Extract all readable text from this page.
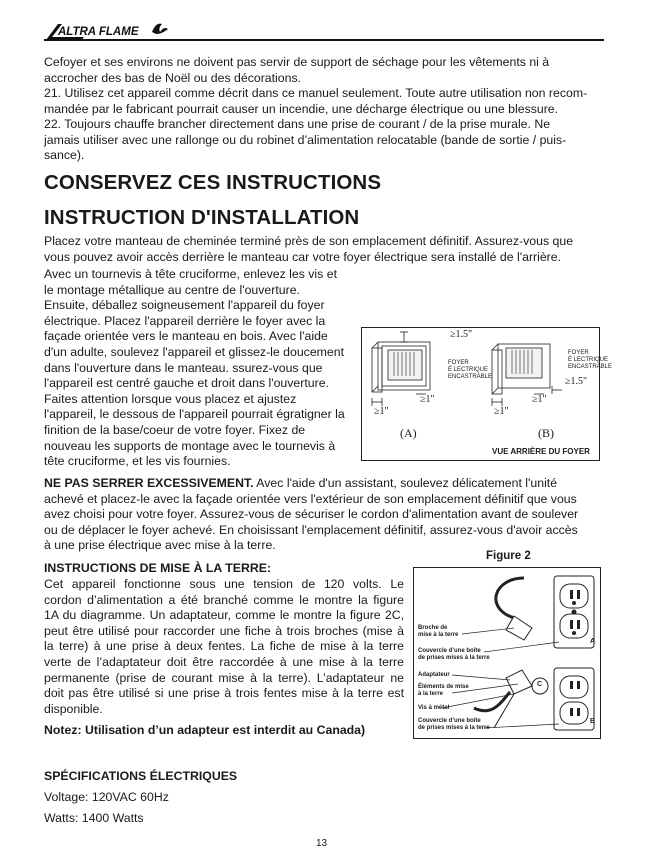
ALTRA FLAME
Cefoyer et ses environs ne doivent pas servir de support de séchage pour les vêtements ni à
accrocher des bas de Noël ou des décorations.
21. Utilisez cet appareil comme décrit dans ce manuel seulement. Toute autre utilisation non recom-
mandée par le fabricant pourrait causer un incendie, une décharge électrique ou une blessure.
22. Toujours chauffe brancher directement dans une prise de courant / de la prise murale. Ne
jamais utiliser avec une rallonge ou du robinet d’alimentation relocatable (bande de sortie / puis-
sance).
CONSERVEZ CES INSTRUCTIONS
INSTRUCTION D'INSTALLATION
Placez votre manteau de cheminée terminé près de son emplacement définitif. Assurez-vous que
vous pouvez avoir accès derrière le manteau car votre foyer électrique sera installé de l'arrière.
Avec un tournevis à tête cruciforme, enlevez les vis et
le montage métallique au centre de l'ouverture.
Ensuite, déballez soigneusement l'appareil du foyer
électrique. Placez l'appareil derrière le foyer avec la
façade orientée vers le manteau en bois. Avec l'aide
d'un adulte, soulevez l'appareil et glissez-le doucement
dans l'ouverture dans le manteau. ssurez-vous que
l'appareil est centré gauche et droit dans l'ouverture.
Faites attention lorsque vous placez et ajustez
l'appareil, le dessous de l'appareil pourrait égratigner la
finition de la base/coeur de votre foyer. Fixez de
nouveau les supports de montage avec le tournevis à
tête cruciforme, et les vis fournies.
≥1.5"
FOYER
É LECTRIQUE
ENCASTRABLE
≥1"
≥1"
FOYER
É LECTRIQUE
ENCASTRABLE
≥1.5"
≥1"
≥1"
(A)	(B)
VUE ARRIÈRE DU FOYER
NE PAS SERRER EXCESSIVEMENT. Avec l'aide d'un assistant, soulevez délicatement l'unité
achevé et placez-le avec la façade orientée vers l'extérieur de son emplacement définitif que vous
avez choisi pour votre foyer. Assurez-vous de sécuriser le cordon d'alimentation avant de soulever
ou de déplacer le foyer achevé. En choisissant l'emplacement définitif, assurez-vous d'avoir accès
à une prise électrique avec mise à la terre.
INSTRUCTIONS DE MISE À LA TERRE:
Cet appareil fonctionne sous une tension de 120 volts. Le
cordon d’alimentation a été branché comme le montre la figure
1A du diagramme. Un adaptateur, comme le montre la figure 2C,
peut être utilisé pour raccorder une fiche à trois broches (mise à
la terre) à une prise à deux fentes. La fiche de mise à la terre
verte de l’adaptateur doit être raccordée à une mise à la terre
permanente (prise de courant mise à la terre). L’adaptateur ne
doit pas être utilisé si une prise à trois fentes mise à la terre est
disponible.
Notez: Utilisation d’un adapteur est interdit au Canada)
Figure 2
Broche de
mise à la terre
Couvercle d’une boîte
de prises mises à la terre
Adaptateur
Éléments de mise
à la terre
Vis à métal
Couvercle d’une boîte
de prises mises à la terre
A
C
B
SPÉCIFICATIONS ÉLECTRIQUES
Voltage: 120VAC 60Hz
Watts: 1400 Watts
13
